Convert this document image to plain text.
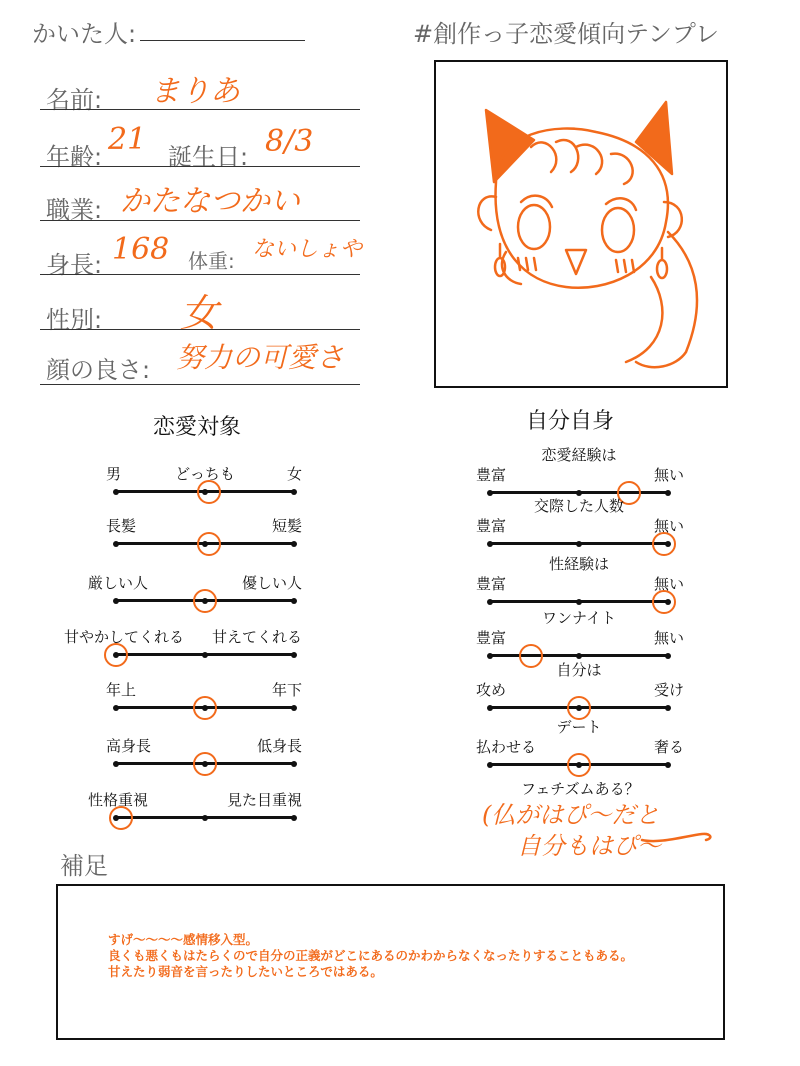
かいた人:	#創作っ子恋愛傾向テンプレ
名前: まりあ
年齢: 21 誕生日: 8/3
職業: かたなつかい
身長: 168 体重: ないしょや
性別: 女
顔の良さ: 努力の可愛さ
恋愛対象	自分自身
男	女
どっちも
長髪	短髪
厳しい人	優しい人
甘やかしてくれる 甘えてくれる
年上	年下
高身長	低身長
性格重視	見た目重視
恋愛経験は
豊富	無い
交際した人数
豊富	無い
性経験は
豊富	無い
ワンナイト
豊富	無い
自分は
攻め	受け
デート
払わせる	奢る
フェチズムある？
(仏がはぴ〜だと
自分もはぴ〜
補足
すげ〜〜〜〜感情移入型。
良くも悪くもはたらくので自分の正義がどこにあるのかわからなくなったりすることもある。
甘えたり弱音を言ったりしたいところではある。
